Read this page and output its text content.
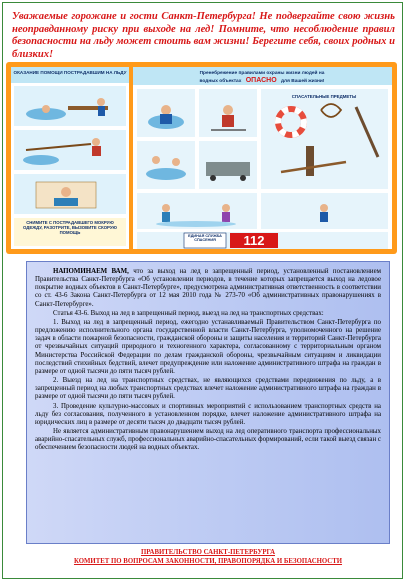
Уважаемые горожане и гости Санкт-Петербурга! Не подвергайте свою жизнь неоправданному риску при выходе на лед! Помните, что несоблюдение правил безопасности на льду может стоить вам жизни! Берегите себя, своих родных и близких!
ОКАЗАНИЕ ПОМОЩИ ПОСТРАДАВШИМ НА ЛЬДУ
СНИМИТЕ С ПОСТРАДАВШЕГО МОКРУЮ ОДЕЖДУ, РАЗОТРИТЕ, ВЫЗОВИТЕ СКОРУЮ ПОМОЩЬ
Пренебрежение правилами охраны жизни людей на
водных объектах ОПАСНО для Вашей жизни!
СПАСАТЕЛЬНЫЕ ПРЕДМЕТЫ
ЕДИНАЯ СЛУЖБА СПАСЕНИЯ	112

НАПОМИНАЕМ ВАМ, что за выход на лед в запрещенный период, установленный постановлением Правительства Санкт-Петербурга «Об установлении периодов, в течение которых запрещается выход на ледовое покрытие водных объектов в Санкт-Петербурге», предусмотрена административная ответственность в соответствии со ст. 43-6 Закона Санкт-Петербурга от 12 мая 2010 года № 273-70 «Об административных правонарушениях в Санкт-Петербурге».

Статья 43-6. Выход на лед в запрещенный период, выезд на лед на транспортных средствах:

1. Выход на лед в запрещенный период, ежегодно устанавливаемый Правительством Санкт-Петербурга по предложению исполнительного органа государственной власти Санкт-Петербурга, уполномоченного на решение задач в области пожарной безопасности, гражданской обороны и защиты населения и территорий Санкт-Петербурга от чрезвычайных ситуаций природного и техногенного характера, согласованному с территориальным органом Министерства Российской Федерации по делам гражданской обороны, чрезвычайным ситуациям и ликвидации последствий стихийных бедствий, влечет предупреждение или наложение административного штрафа на граждан в размере от одной тысячи до пяти тысяч рублей.

2. Выезд на лед на транспортных средствах, не являющихся средствами передвижения по льду, а в запрещенный период на любых транспортных средствах влечет наложение административного штрафа на граждан в размере от одной тысячи до пяти тысяч рублей.

3. Проведение культурно-массовых и спортивных мероприятий с использованием транспортных средств на льду без согласования, полученного в установленном порядке, влечет наложение административного штрафа на юридических лиц в размере от десяти тысяч до двадцати тысяч рублей.

Не является административным правонарушением выход на лед оперативного транспорта профессиональных аварийно-спасательных служб, профессиональных аварийно-спасательных формирований, если такой выезд связан с обеспечением безопасности людей на водных объектах.

ПРАВИТЕЛЬСТВО САНКТ-ПЕТЕРБУРГА
КОМИТЕТ ПО ВОПРОСАМ ЗАКОННОСТИ, ПРАВОПОРЯДКА И БЕЗОПАСНОСТИ
